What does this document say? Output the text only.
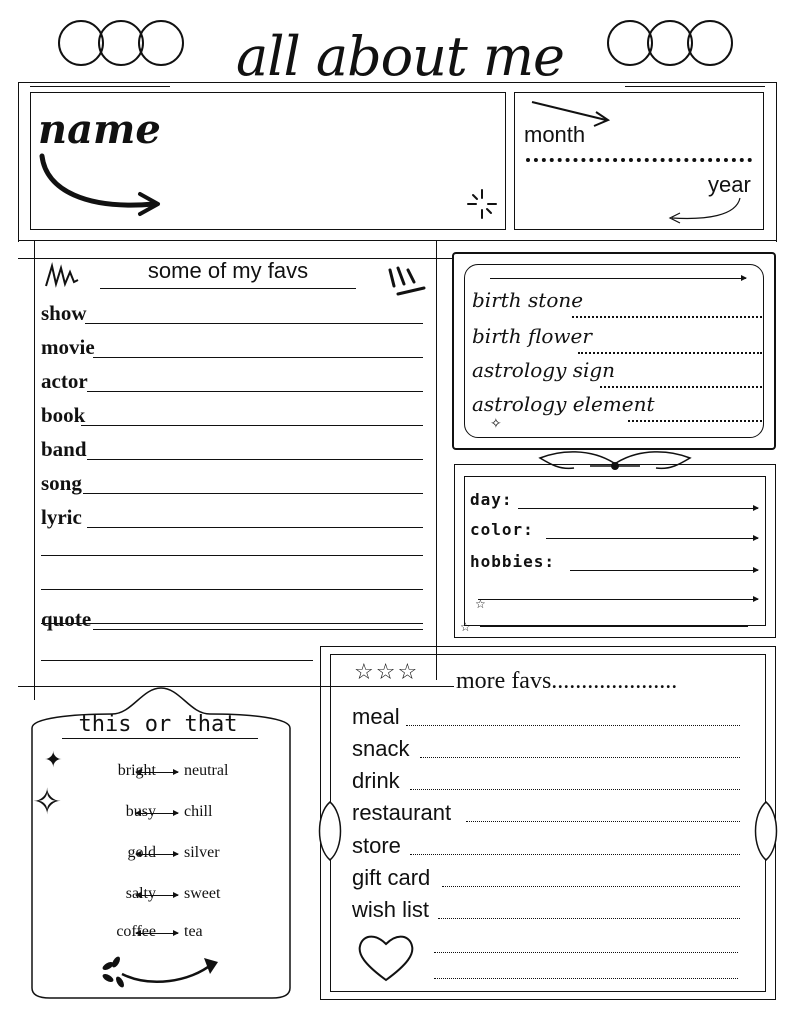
all about me
name	month
year
some of my favs
show
movie
actor
book
band
song
lyric
quote
birth stone
birth flower
astrology sign
astrology element
✧
day:
color:
hobbies:
☆
☆
this or that
✦
✧
bright neutral
busy chill
gold silver
salty sweet
coffee tea
☆☆☆ more favs.....................
meal
snack
drink
restaurant
store
gift card
wish list
